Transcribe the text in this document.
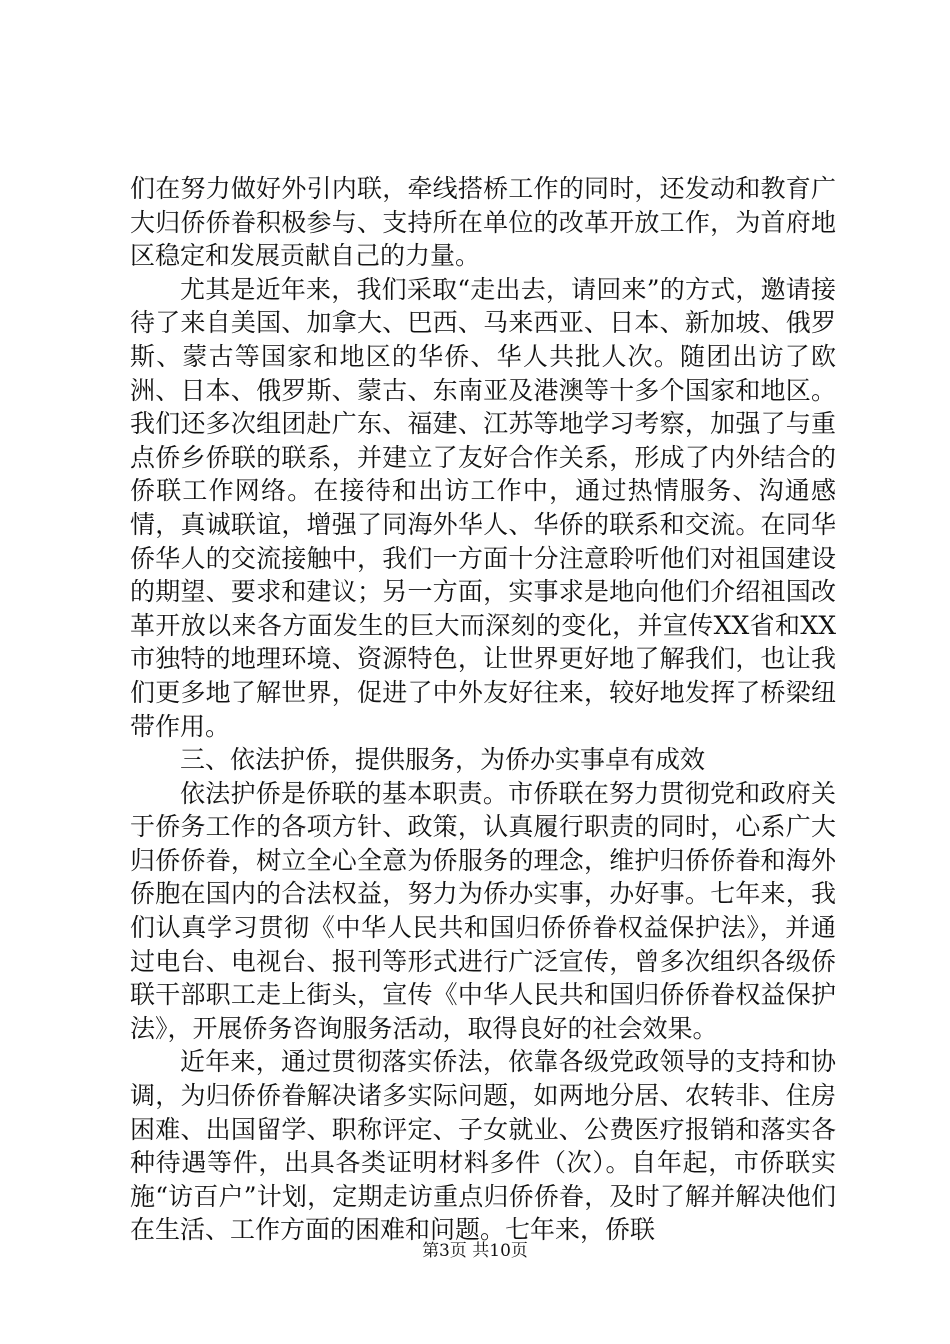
们在努力做好外引内联，牵线搭桥工作的同时，还发动和教育广大归侨侨眷积极参与、支持所在单位的改革开放工作，为首府地区稳定和发展贡献自己的力量。

尤其是近年来，我们采取“走出去，请回来”的方式，邀请接待了来自美国、加拿大、巴西、马来西亚、日本、新加坡、俄罗斯、蒙古等国家和地区的华侨、华人共批人次。随团出访了欧洲、日本、俄罗斯、蒙古、东南亚及港澳等十多个国家和地区。我们还多次组团赴广东、福建、江苏等地学习考察，加强了与重点侨乡侨联的联系，并建立了友好合作关系，形成了内外结合的侨联工作网络。在接待和出访工作中，通过热情服务、沟通感情，真诚联谊，增强了同海外华人、华侨的联系和交流。在同华侨华人的交流接触中，我们一方面十分注意聆听他们对祖国建设的期望、要求和建议；另一方面，实事求是地向他们介绍祖国改革开放以来各方面发生的巨大而深刻的变化，并宣传XX省和XX市独特的地理环境、资源特色，让世界更好地了解我们，也让我们更多地了解世界，促进了中外友好往来，较好地发挥了桥梁纽带作用。

三、依法护侨，提供服务，为侨办实事卓有成效

依法护侨是侨联的基本职责。市侨联在努力贯彻党和政府关于侨务工作的各项方针、政策，认真履行职责的同时，心系广大归侨侨眷，树立全心全意为侨服务的理念，维护归侨侨眷和海外侨胞在国内的合法权益，努力为侨办实事，办好事。七年来，我们认真学习贯彻《中华人民共和国归侨侨眷权益保护法》，并通过电台、电视台、报刊等形式进行广泛宣传，曾多次组织各级侨联干部职工走上街头，宣传《中华人民共和国归侨侨眷权益保护法》，开展侨务咨询服务活动，取得良好的社会效果。

近年来，通过贯彻落实侨法，依靠各级党政领导的支持和协调，为归侨侨眷解决诸多实际问题，如两地分居、农转非、住房困难、出国留学、职称评定、子女就业、公费医疗报销和落实各种待遇等件，出具各类证明材料多件（次）。自年起，市侨联实施“访百户”计划，定期走访重点归侨侨眷，及时了解并解决他们在生活、工作方面的困难和问题。七年来，侨联

第3页 共10页
